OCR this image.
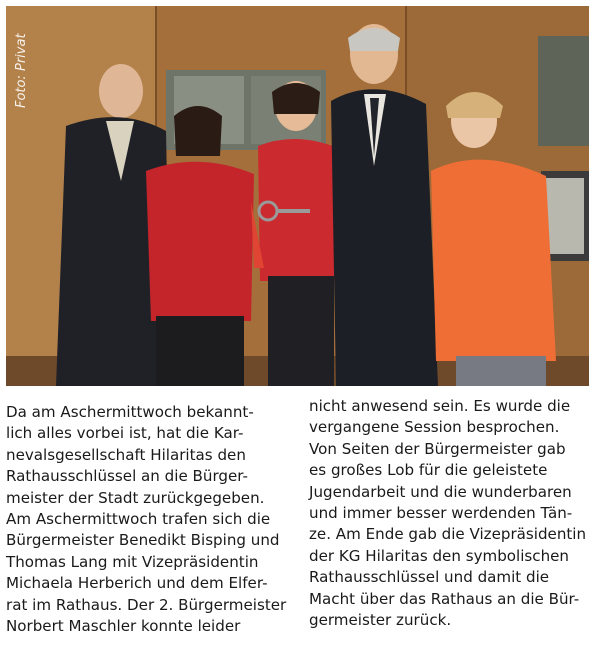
Foto: Privat
Da am Aschermittwoch bekannt-
lich alles vorbei ist, hat die Kar-
nevalsgesellschaft Hilaritas den
Rathausschlüssel an die Bürger-
meister der Stadt zurückgegeben.
Am Aschermittwoch trafen sich die
Bürgermeister Benedikt Bisping und
Thomas Lang mit Vizepräsidentin
Michaela Herberich und dem Elfer-
rat im Rathaus. Der 2. Bürgermeister
Norbert Maschler konnte leider
nicht anwesend sein. Es wurde die
vergangene Session besprochen.
Von Seiten der Bürgermeister gab
es großes Lob für die geleistete
Jugendarbeit und die wunderbaren
und immer besser werdenden Tän-
ze. Am Ende gab die Vizepräsidentin
der KG Hilaritas den symbolischen
Rathausschlüssel und damit die
Macht über das Rathaus an die Bür-
germeister zurück.
